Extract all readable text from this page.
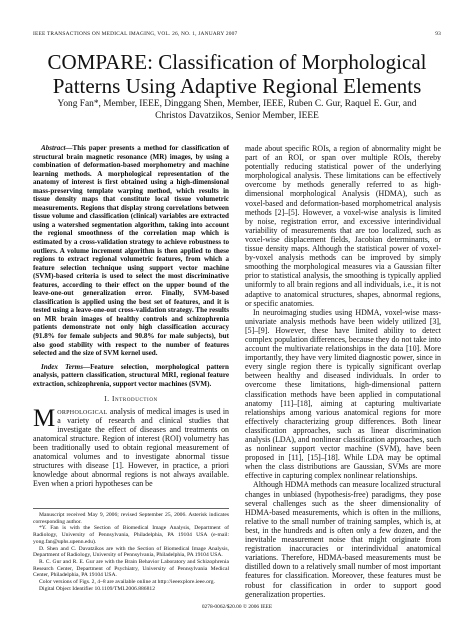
IEEE TRANSACTIONS ON MEDICAL IMAGING, VOL. 26, NO. 1, JANUARY 2007	93
COMPARE: Classification of Morphological Patterns Using Adaptive Regional Elements
Yong Fan*, Member, IEEE, Dinggang Shen, Member, IEEE, Ruben C. Gur, Raquel E. Gur, and
Christos Davatzikos, Senior Member, IEEE

Abstract—This paper presents a method for classification of structural brain magnetic resonance (MR) images, by using a combination of deformation-based morphometry and machine learning methods. A morphological representation of the anatomy of interest is first obtained using a high-dimensional mass-preserving template warping method, which results in tissue density maps that constitute local tissue volumetric measurements. Regions that display strong correlations between tissue volume and classification (clinical) variables are extracted using a watershed segmentation algorithm, taking into account the regional smoothness of the correlation map which is estimated by a cross-validation strategy to achieve robustness to outliers. A volume increment algorithm is then applied to these regions to extract regional volumetric features, from which a feature selection technique using support vector machine (SVM)-based criteria is used to select the most discriminative features, according to their effect on the upper bound of the leave-one-out generalization error. Finally, SVM-based classification is applied using the best set of features, and it is tested using a leave-one-out cross-validation strategy. The results on MR brain images of healthy controls and schizophrenia patients demonstrate not only high classification accuracy (91.8% for female subjects and 90.8% for male subjects), but also good stability with respect to the number of features selected and the size of SVM kernel used.

Index Terms—Feature selection, morphological pattern analysis, pattern classification, structural MRI, regional feature extraction, schizophrenia, support vector machines (SVM).

I. Introduction

Morphological analysis of medical images is used in a variety of research and clinical studies that investigate the effect of diseases and treatments on anatomical structure. Region of interest (ROI) volumetry has been traditionally used to obtain regional measurement of anatomical volumes and to investigate abnormal tissue structures with disease [1]. However, in practice, a priori knowledge about abnormal regions is not always available. Even when a priori hypotheses can be

Manuscript received May 9, 2006; revised September 25, 2006. Asterisk indicates corresponding author.

*Y. Fan is with the Section of Biomedical Image Analysis, Department of Radiology, University of Pennsylvania, Philadelphia, PA 19104 USA (e-mail: yong.fan@uphs.upenn.edu).

D. Shen and C. Davatzikos are with the Section of Biomedical Image Analysis, Department of Radiology, University of Pennsylvania, Philadelphia, PA 19104 USA.

R. C. Gur and R. E. Gur are with the Brain Behavior Laboratory and Schizophrenia Research Center, Department of Psychiatry, University of Pennsylvania Medical Center, Philadelphia, PA 19104 USA.

Color versions of Figs. 2, 4–8 are available online at http://ieeexplore.ieee.org.

Digital Object Identifier 10.1109/TMI.2006.886812

made about specific ROIs, a region of abnormality might be part of an ROI, or span over multiple ROIs, thereby potentially reducing statistical power of the underlying morphological analysis. These limitations can be effectively overcome by methods generally referred to as high-dimensional morphological Analysis (HDMA), such as voxel-based and deformation-based morphometrical analysis methods [2]–[5]. However, a voxel-wise analysis is limited by noise, registration error, and excessive interindividual variability of measurements that are too localized, such as voxel-wise displacement fields, Jacobian determinants, or tissue density maps. Although the statistical power of voxel-by-voxel analysis methods can be improved by simply smoothing the morphological measures via a Gaussian filter prior to statistical analysis, the smoothing is typically applied uniformly to all brain regions and all individuals, i.e., it is not adaptive to anatomical structures, shapes, abnormal regions, or specific anatomies.

In neuroimaging studies using HDMA, voxel-wise mass-univariate analysis methods have been widely utilized [3], [5]–[9]. However, these have limited ability to detect complex population differences, because they do not take into account the multivariate relationships in the data [10]. More importantly, they have very limited diagnostic power, since in every single region there is typically significant overlap between healthy and diseased individuals. In order to overcome these limitations, high-dimensional pattern classification methods have been applied in computational anatomy [11]–[18], aiming at capturing multivariate relationships among various anatomical regions for more effectively characterizing group differences. Both linear classification approaches, such as linear discrimination analysis (LDA), and nonlinear classification approaches, such as nonlinear support vector machine (SVM), have been proposed in [11], [15]–[18]. While LDA may be optimal when the class distributions are Gaussian, SVMs are more effective in capturing complex nonlinear relationships.

Although HDMA methods can measure localized structural changes in unbiased (hypothesis-free) paradigms, they pose several challenges such as the sheer dimensionality of HDMA-based measurements, which is often in the millions, relative to the small number of training samples, which is, at best, in the hundreds and is often only a few dozen, and the inevitable measurement noise that might originate from registration inaccuracies or interindividual anatomical variations. Therefore, HDMA-based measurements must be distilled down to a relatively small number of most important features for classification. Moreover, these features must be robust for classification in order to support good generalization properties.

0278-0062/$20.00 © 2006 IEEE
